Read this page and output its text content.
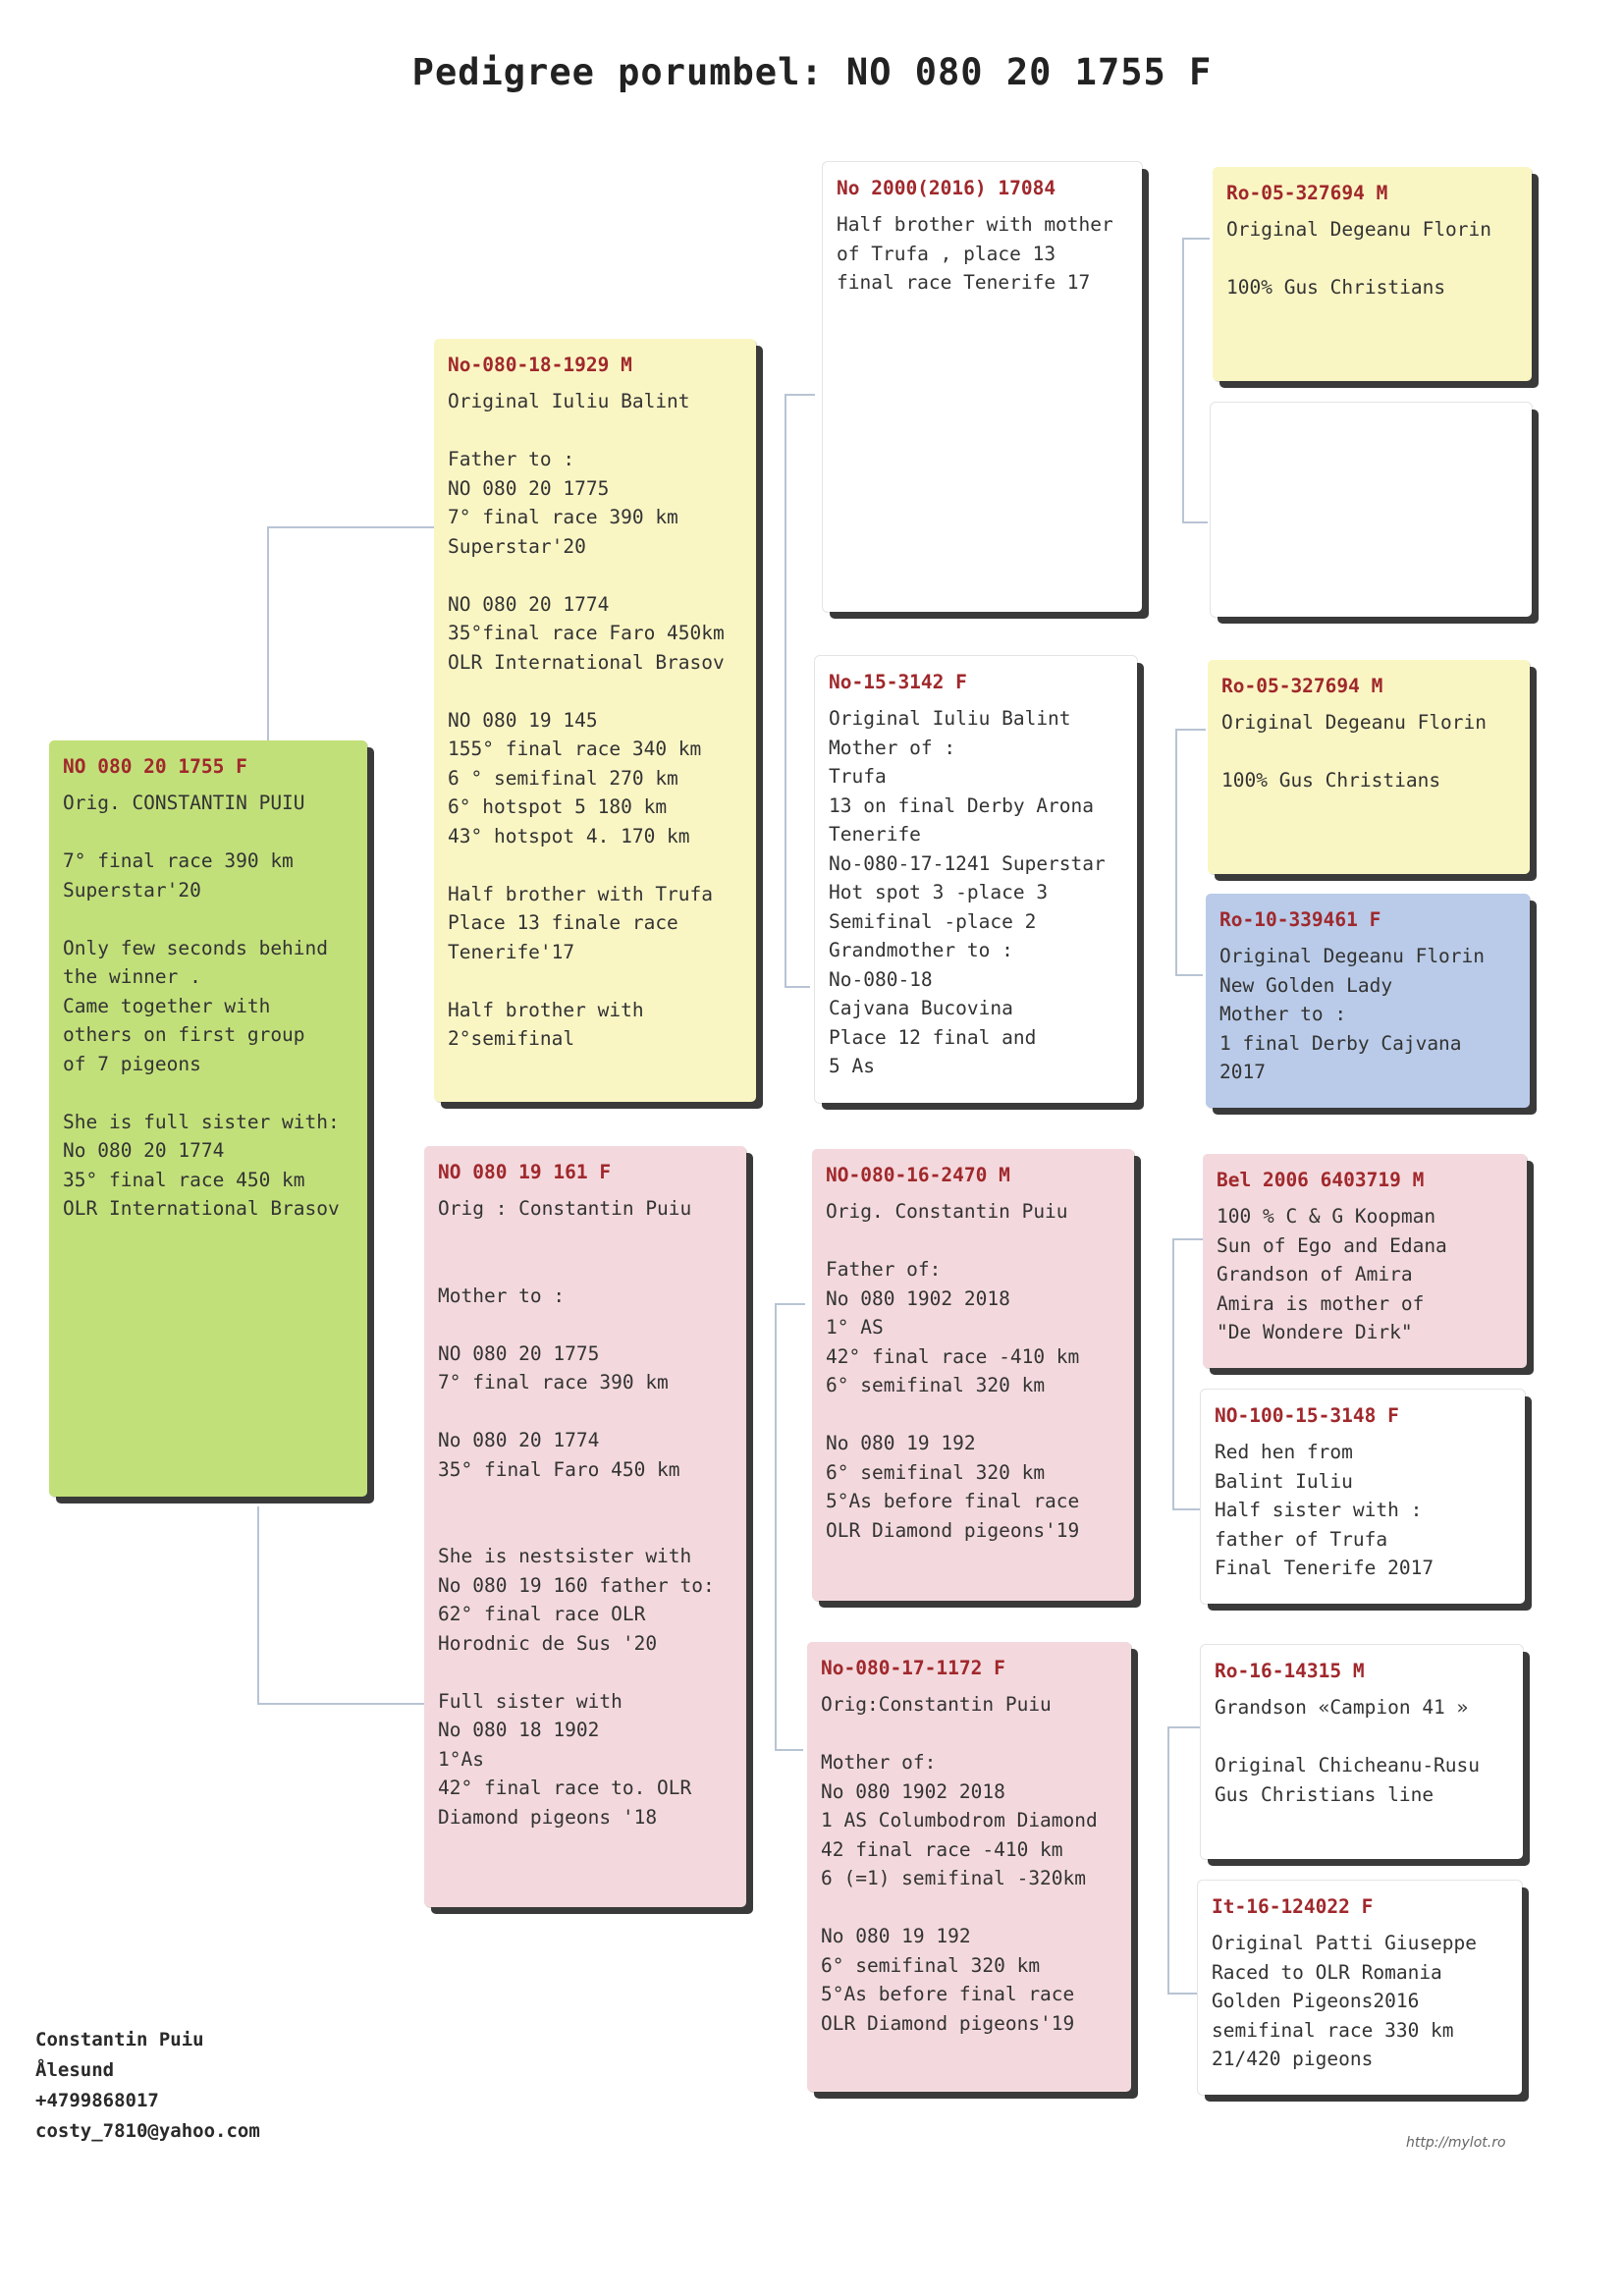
Pedigree porumbel: NO 080 20 1755 F
NO 080 20 1755 F
Orig. CONSTANTIN PUIU

7° final race 390 km
Superstar'20

Only few seconds behind
the winner .
Came together with
others on first group
of 7 pigeons

She is full sister with:
No 080 20 1774
35° final race 450 km
OLR International Brasov
No-080-18-1929 M
Original Iuliu Balint

Father to :
NO 080 20 1775
7° final race 390 km
Superstar'20

NO 080 20 1774
35°final race Faro 450km
OLR International Brasov

NO 080 19 145
155° final race 340 km
6 ° semifinal 270 km
6° hotspot 5 180 km
43° hotspot 4. 170 km

Half brother with Trufa
Place 13 finale race
Tenerife'17

Half brother with
2°semifinal
NO 080 19 161 F
Orig : Constantin Puiu

Mother to :

NO 080 20 1775
7° final race 390 km

No 080 20 1774
35° final Faro 450 km

She is nestsister with
No 080 19 160 father to:
62° final race OLR
Horodnic de Sus '20

Full sister with
No 080 18 1902
1°As
42° final race to. OLR
Diamond pigeons '18
No 2000(2016) 17084
Half brother with mother
of Trufa , place 13
final race Tenerife 17
No-15-3142 F
Original Iuliu Balint
Mother of :
Trufa
13 on final Derby Arona
Tenerife
No-080-17-1241 Superstar
Hot spot 3 -place 3
Semifinal -place 2
Grandmother to :
No-080-18
Cajvana Bucovina
Place 12 final and
5 As
NO-080-16-2470 M
Orig. Constantin Puiu

Father of:
No 080 1902 2018
1° AS
42° final race -410 km
6° semifinal 320 km

No 080 19 192
6° semifinal 320 km
5°As before final race
OLR Diamond pigeons'19
No-080-17-1172 F
Orig:Constantin Puiu

Mother of:
No 080 1902 2018
1 AS Columbodrom Diamond
42 final race -410 km
6 (=1) semifinal -320km

No 080 19 192
6° semifinal 320 km
5°As before final race
OLR Diamond pigeons'19
Ro-05-327694 M
Original Degeanu Florin

100% Gus Christians
Ro-05-327694 M
Original Degeanu Florin

100% Gus Christians
Ro-10-339461 F
Original Degeanu Florin
New Golden Lady
Mother to :
1 final Derby Cajvana
2017
Bel 2006 6403719 M
100 % C & G Koopman
Sun of Ego and Edana
Grandson of Amira
Amira is mother of
"De Wondere Dirk"
NO-100-15-3148 F
Red hen from
Balint Iuliu
Half sister with :
father of Trufa
Final Tenerife 2017
Ro-16-14315 M
Grandson «Campion 41 »

Original Chicheanu-Rusu
Gus Christians line
It-16-124022 F
Original Patti Giuseppe
Raced to OLR Romania
Golden Pigeons2016
semifinal race 330 km
21/420 pigeons
Constantin Puiu
Ålesund
+4799868017
costy_7810@yahoo.com
http://mylot.ro
